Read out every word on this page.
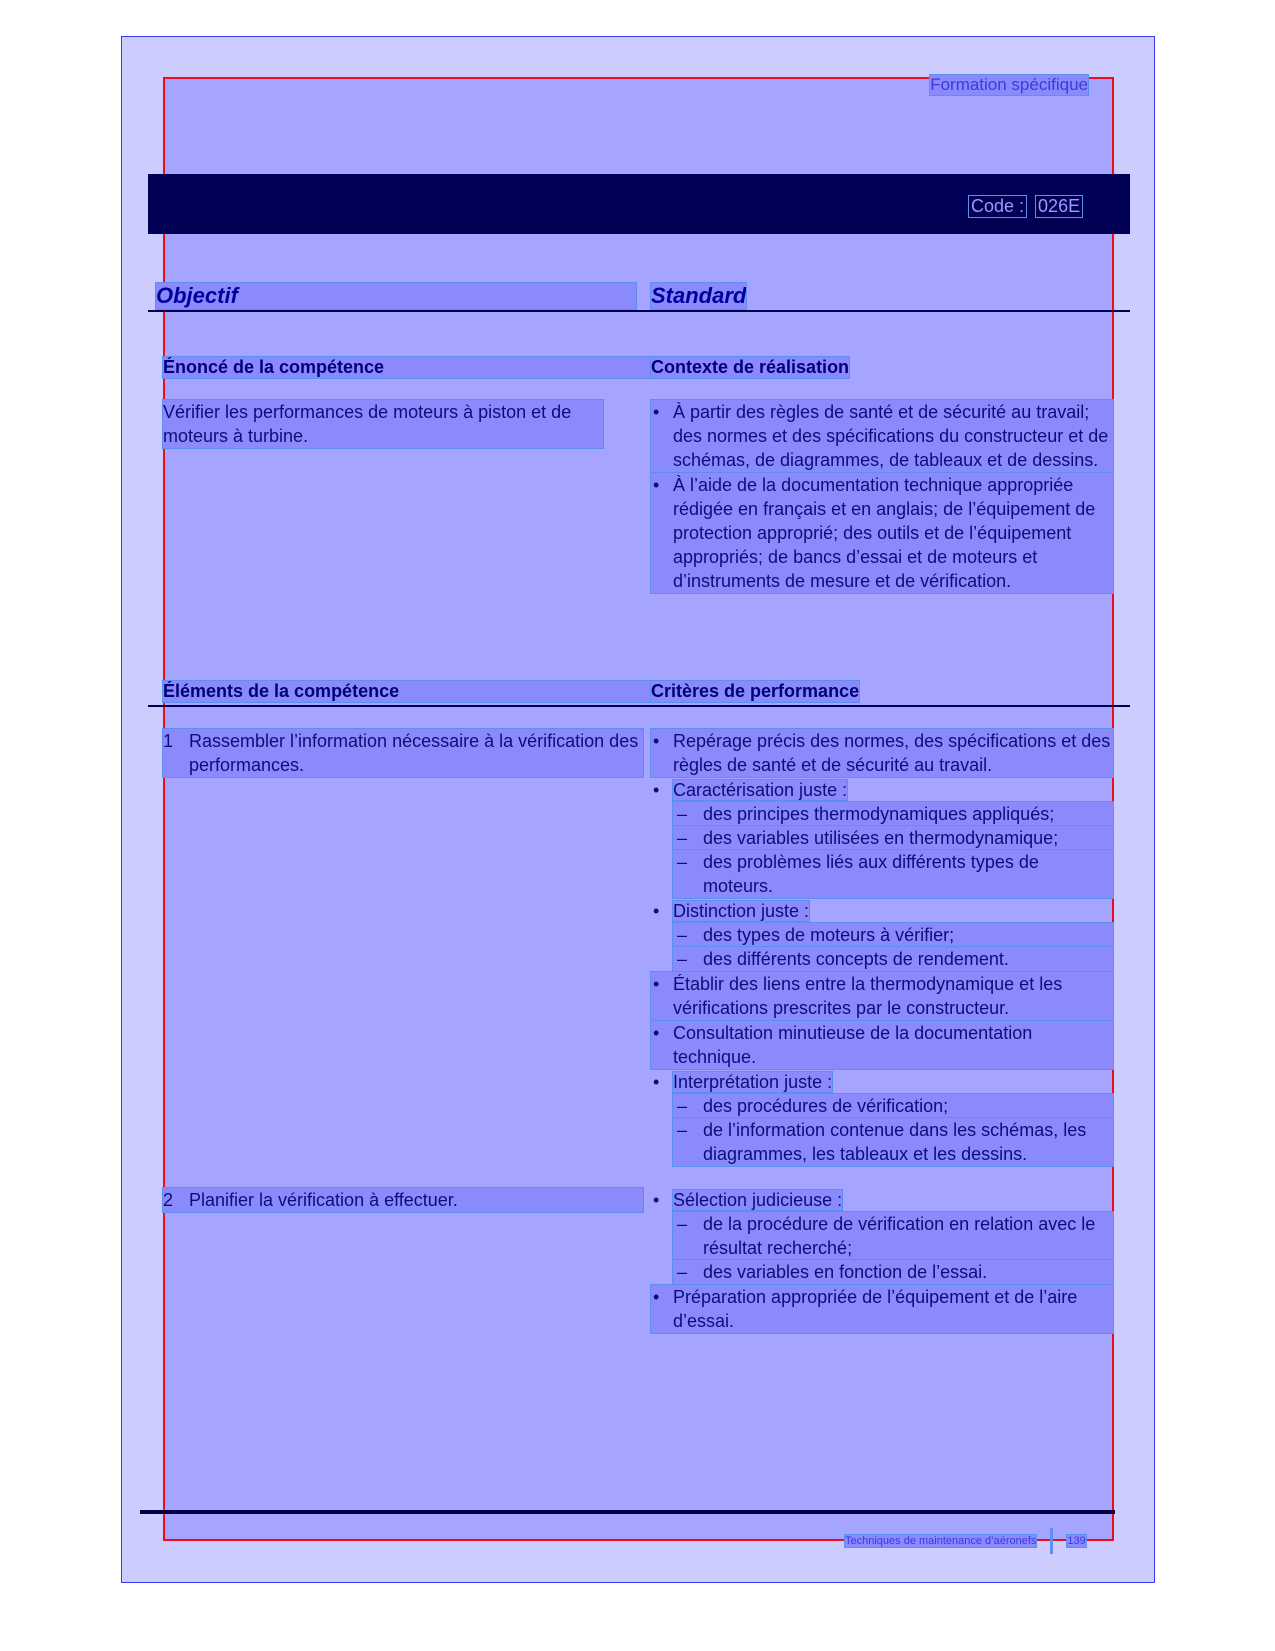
Formation spécifique
Code : 026E
Objectif	Standard
Énoncé de la compétence	Contexte de réalisation

Vérifier les performances de moteurs à piston et de moteurs à turbine.

• À partir des règles de santé et de sécurité au travail; des normes et des spécifications du constructeur et de schémas, de diagrammes, de tableaux et de dessins.
• À l’aide de la documentation technique appropriée rédigée en français et en anglais; de l’équipement de protection approprié; des outils et de l’équipement appropriés; de bancs d’essai et de moteurs et d’instruments de mesure et de vérification.
Éléments de la compétence	Critères de performance

1 Rassembler l’information nécessaire à la vérification des performances.

• Repérage précis des normes, des spécifications et des règles de santé et de sécurité au travail.
• Caractérisation juste :
– des principes thermodynamiques appliqués;
– des variables utilisées en thermodynamique;
– des problèmes liés aux différents types de moteurs.
• Distinction juste :
– des types de moteurs à vérifier;
– des différents concepts de rendement.
• Établir des liens entre la thermodynamique et les vérifications prescrites par le constructeur.
• Consultation minutieuse de la documentation technique.
• Interprétation juste :
– des procédures de vérification;
– de l’information contenue dans les schémas, les diagrammes, les tableaux et les dessins.

2 Planifier la vérification à effectuer.

•	Sélection judicieuse :
– de la procédure de vérification en relation avec le résultat recherché;
– des variables en fonction de l’essai.
• Préparation appropriée de l’équipement et de l’aire d’essai.
Techniques de maintenance d’aéronefs	139
